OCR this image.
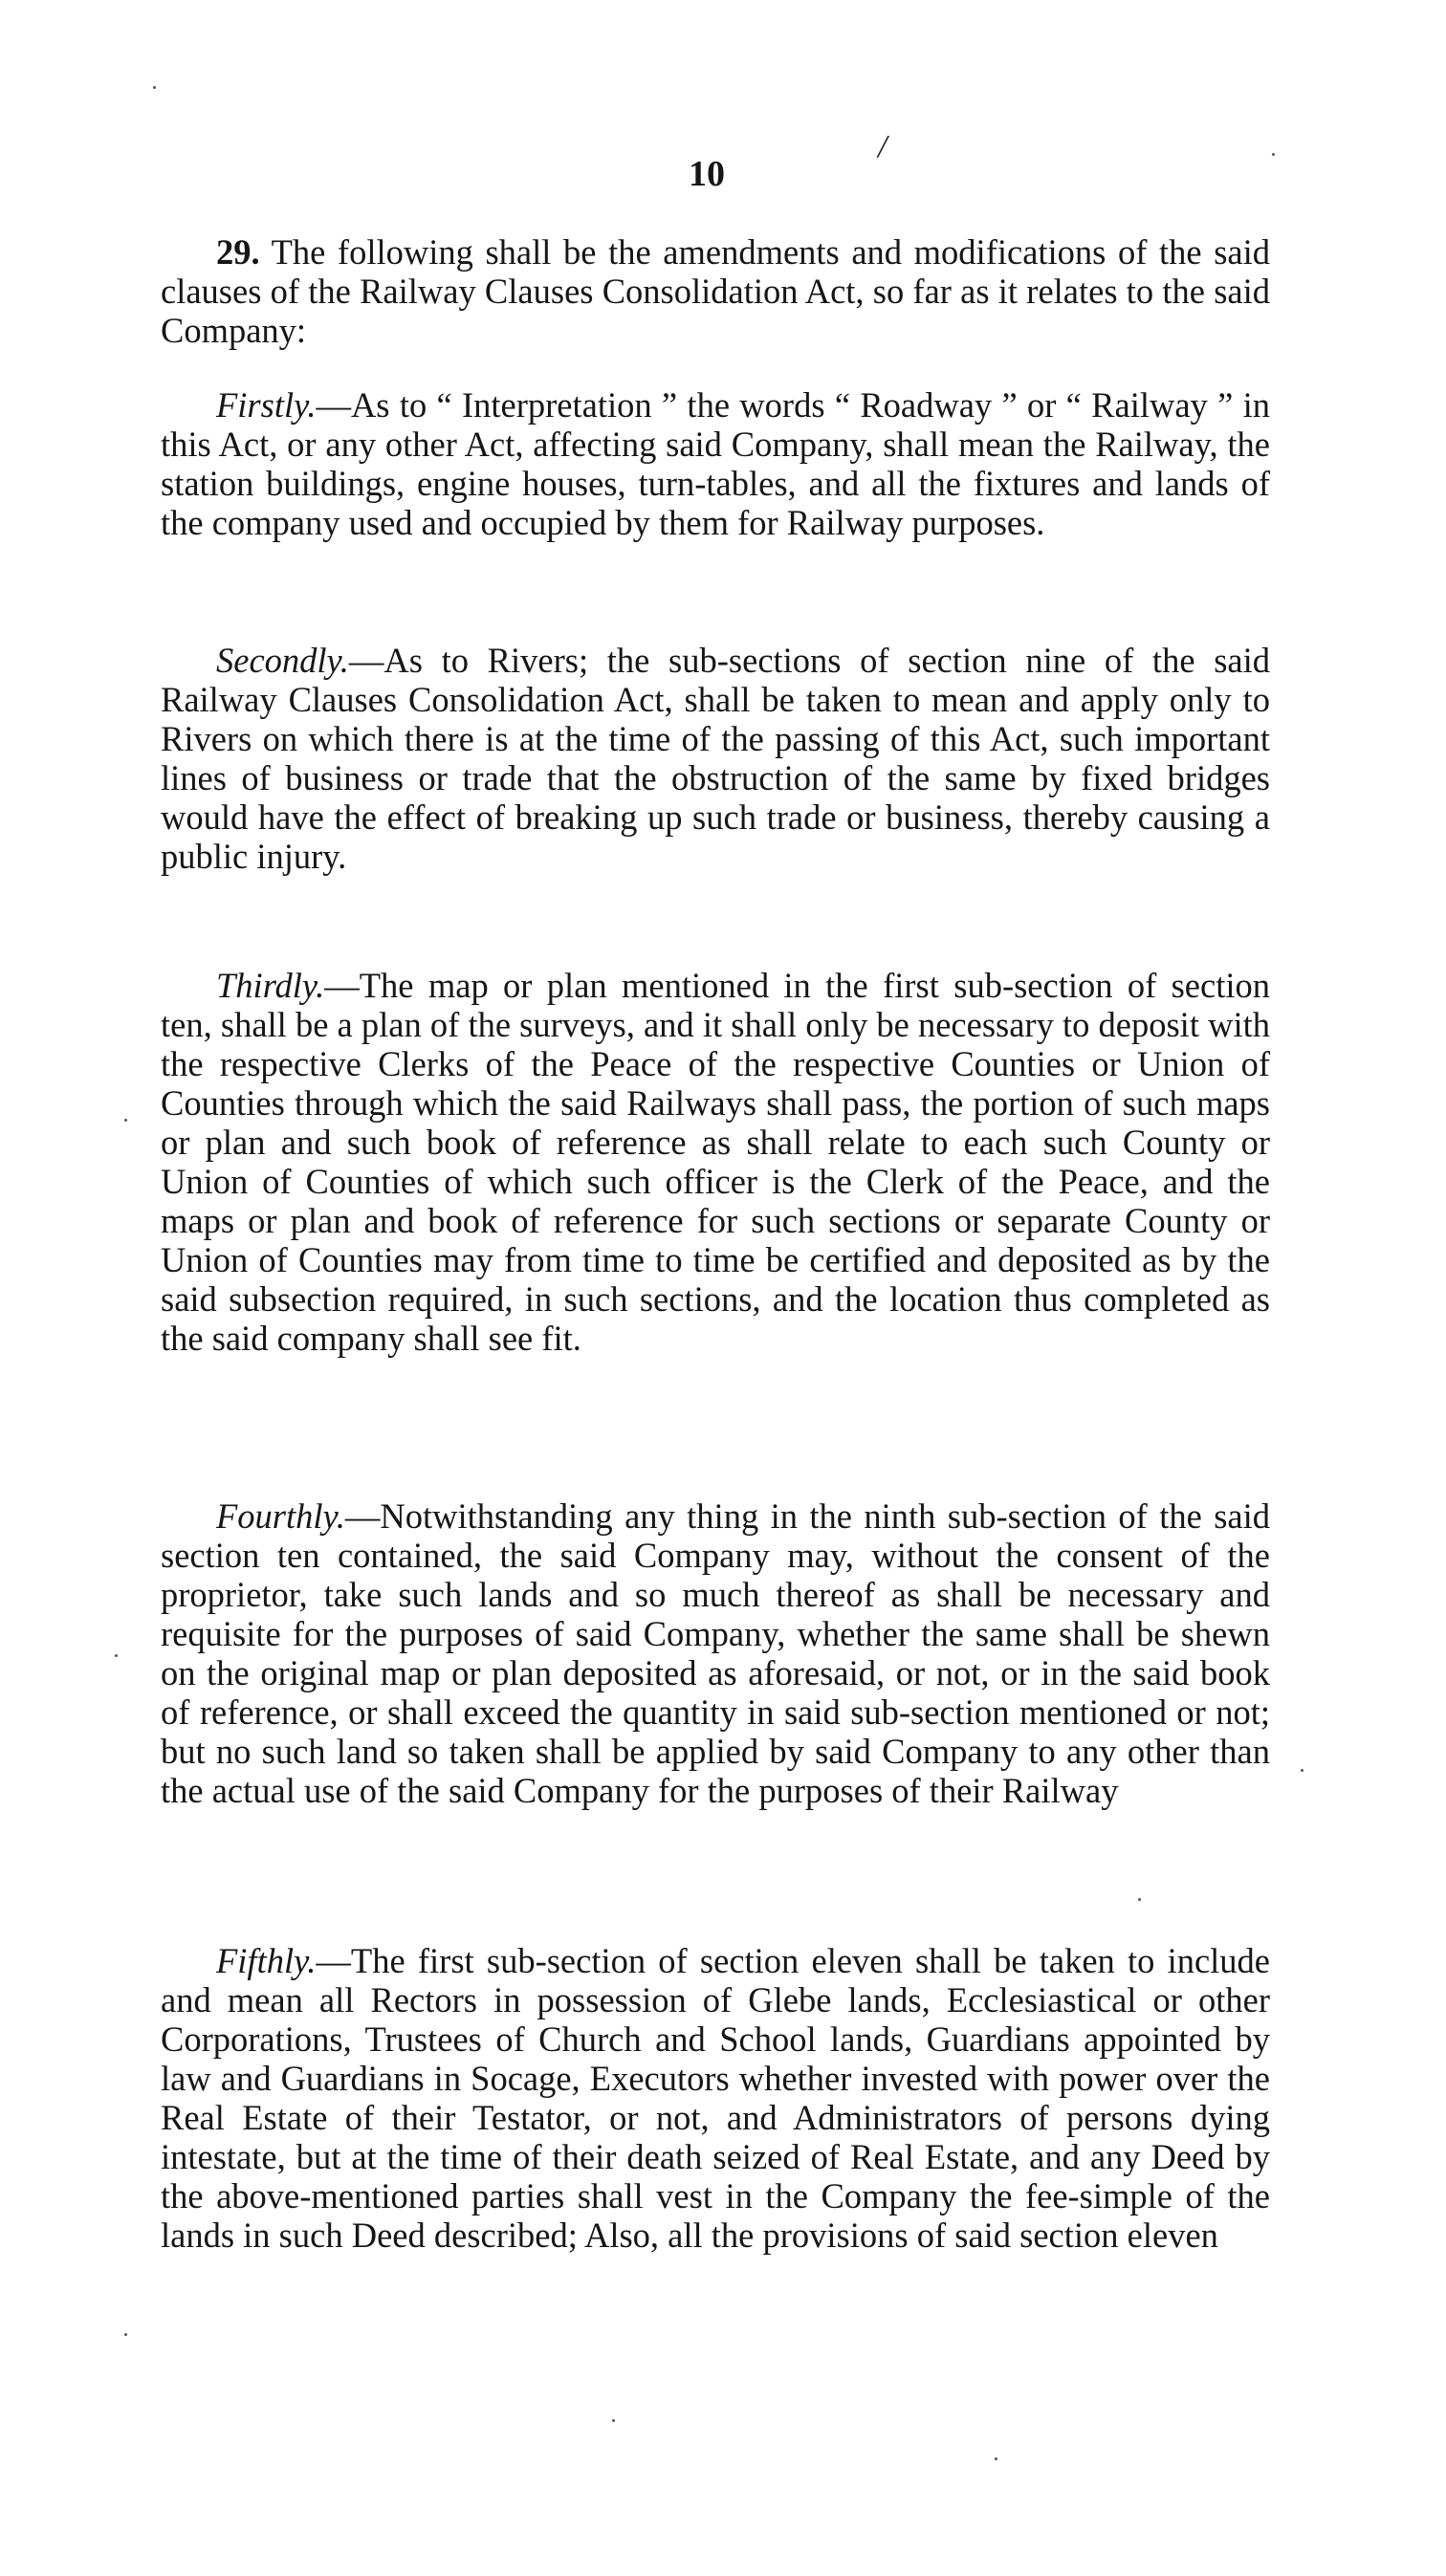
10
/

29. The following shall be the amendments and modifications of the said clauses of the Railway Clauses Consolidation Act, so far as it relates to the said Company:

Firstly.—As to “ Interpretation ” the words “ Roadway ” or “ Railway ” in this Act, or any other Act, affecting said Company, shall mean the Railway, the station buildings, engine houses, turn-tables, and all the fixtures and lands of the company used and occupied by them for Railway purposes.

Secondly.—As to Rivers; the sub-sections of section nine of the said Railway Clauses Consolidation Act, shall be taken to mean and apply only to Rivers on which there is at the time of the passing of this Act, such important lines of business or trade that the obstruction of the same by fixed bridges would have the effect of breaking up such trade or business, thereby causing a public injury.

Thirdly.—The map or plan mentioned in the first sub-section of section ten, shall be a plan of the surveys, and it shall only be necessary to deposit with the respective Clerks of the Peace of the respective Counties or Union of Counties through which the said Railways shall pass, the portion of such maps or plan and such book of reference as shall relate to each such County or Union of Counties of which such officer is the Clerk of the Peace, and the maps or plan and book of reference for such sections or separate County or Union of Counties may from time to time be certified and deposited as by the said subsection required, in such sections, and the location thus completed as the said company shall see fit.

Fourthly.—Notwithstanding any thing in the ninth sub-section of the said section ten contained, the said Company may, without the consent of the proprietor, take such lands and so much thereof as shall be necessary and requisite for the purposes of said Company, whether the same shall be shewn on the original map or plan deposited as aforesaid, or not, or in the said book of reference, or shall exceed the quantity in said sub-section mentioned or not; but no such land so taken shall be applied by said Company to any other than the actual use of the said Company for the purposes of their Railway

Fifthly.—The first sub-section of section eleven shall be taken to include and mean all Rectors in possession of Glebe lands, Ecclesiastical or other Corporations, Trustees of Church and School lands, Guardians appointed by law and Guardians in Socage, Executors whether invested with power over the Real Estate of their Testator, or not, and Administrators of persons dying intestate, but at the time of their death seized of Real Estate, and any Deed by the above-mentioned parties shall vest in the Company the fee-simple of the lands in such Deed described; Also, all the provisions of said section eleven
